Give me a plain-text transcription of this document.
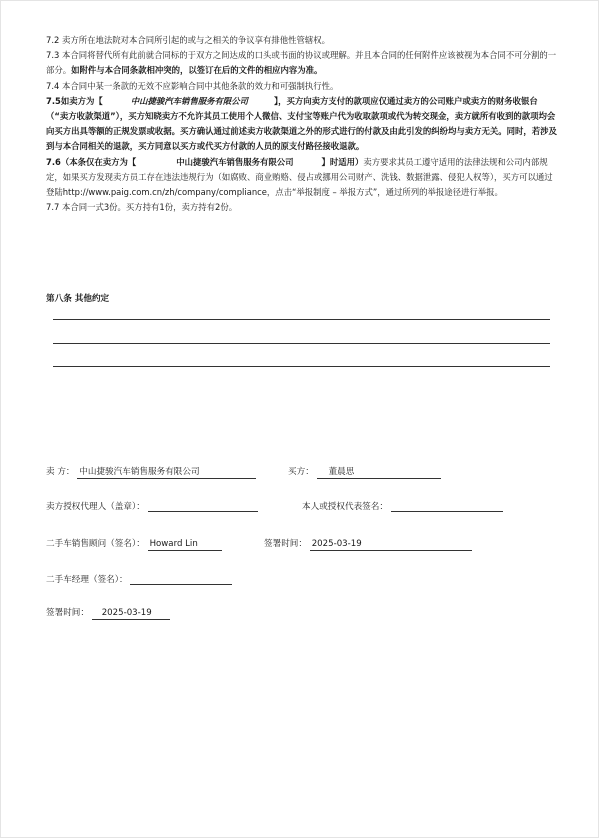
7.2 卖方所在地法院对本合同所引起的或与之相关的争议享有排他性管辖权。

7.3 本合同将替代所有此前就合同标的于双方之间达成的口头或书面的协议或理解。并且本合同的任何附件应该被视为本合同不可分割的一部分。如附件与本合同条款相冲突的，以签订在后的文件的相应内容为准。

7.4 本合同中某一条款的无效不应影响合同中其他条款的效力和可强制执行性。

7.5如卖方为【	中山捷骏汽车销售服务有限公司	】，买方向卖方支付的款项应仅通过卖方的公司账户或卖方的财务收银台（“卖方收款渠道”），买方知晓卖方不允许其员工使用个人微信、支付宝等账户代为收取款项或代为转交现金，卖方就所有收到的款项均会向买方出具等额的正规发票或收据。买方确认通过前述卖方收款渠道之外的形式进行的付款及由此引发的纠纷均与卖方无关。同时，若涉及到与本合同相关的退款，买方同意以买方或代买方付款的人员的原支付路径接收退款。

7.6（本条仅在卖方为【	中山捷骏汽车销售服务有限公司	】时适用）卖方要求其员工遵守适用的法律法规和公司内部规定，如果买方发现卖方员工存在违法违规行为（如腐败、商业贿赂、侵占或挪用公司财产、洗钱、数据泄露、侵犯人权等），买方可以通过登陆http://www.paig.com.cn/zh/company/compliance，点击“举报制度 – 举报方式”，通过所列的举报途径进行举报。

7.7 本合同一式3份。买方持有1份，卖方持有2份。

第八条 其他约定
卖 方： 中山捷骏汽车销售服务有限公司	买方： 董晨思
卖方授权代理人（盖章）：	本人或授权代表签名：
二手车销售顾问（签名）： Howard Lin	签署时间： 2025-03-19
二手车经理（签名）：
签署时间： 2025-03-19
